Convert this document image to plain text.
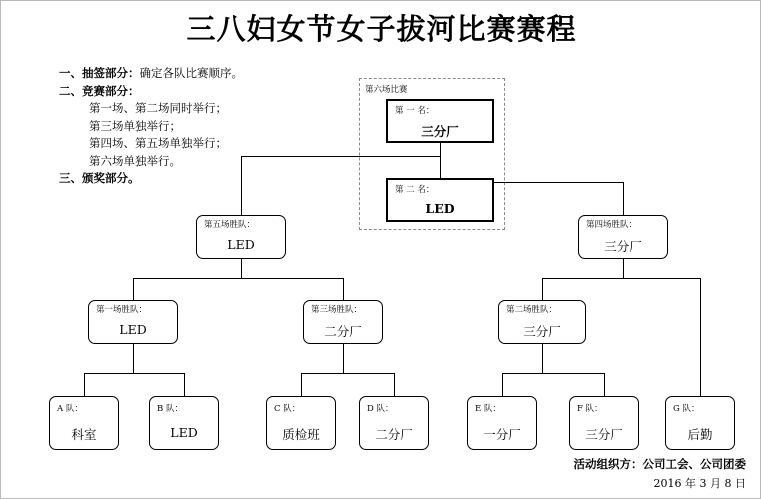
三八妇女节女子拔河比赛赛程
一、抽签部分：确定各队比赛顺序。
二、竞赛部分：
第一场、第二场同时举行；
第三场单独举行；
第四场、第五场单独举行；
第六场单独举行。
三、颁奖部分。
第六场比赛
第 一 名：
三分厂
第 二 名：
LED
第五场胜队：
LED
第四场胜队：
三分厂
第一场胜队：
LED
第三场胜队：
二分厂
第二场胜队：
三分厂
A 队：
科室
B 队：
LED
C 队：
质检班
D 队：
二分厂
E 队：
一分厂
F 队：
三分厂
G 队：
后勤
活动组织方：公司工会、公司团委
2016 年 3 月 8 日
